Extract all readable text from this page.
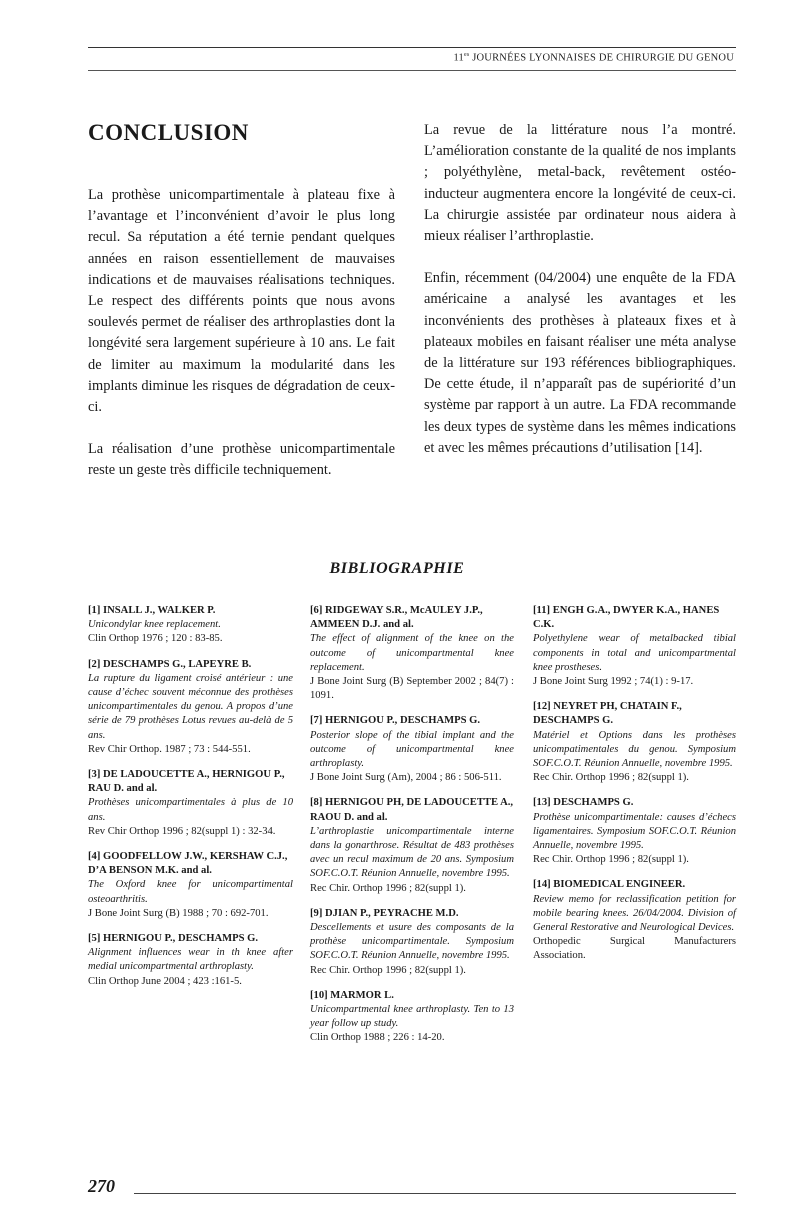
$11^{es}$ JOURNÉES LYONNAISES DE CHIRURGIE DU GENOU
CONCLUSION

La prothèse unicompartimentale à plateau fixe à l’avantage et l’inconvénient d’avoir le plus long recul. Sa réputation a été ternie pendant quelques années en raison essentiellement de mauvaises indications et de mauvaises réalisations techniques. Le respect des différents points que nous avons soulevés permet de réaliser des arthroplasties dont la longévité sera largement supérieure à 10 ans. Le fait de limiter au maximum la modularité dans les implants diminue les risques de dégradation de ceux-ci.

La réalisation d’une prothèse unicompartimentale reste un geste très difficile techniquement.

La revue de la littérature nous l’a montré. L’amélioration constante de la qualité de nos implants ; polyéthylène, metal-back, revêtement ostéo-inducteur augmentera encore la longévité de ceux-ci. La chirurgie assistée par ordinateur nous aidera à mieux réaliser l’arthroplastie.

Enfin, récemment (04/2004) une enquête de la FDA américaine a analysé les avantages et les inconvénients des prothèses à plateaux fixes et à plateaux mobiles en faisant réaliser une méta analyse de la littérature sur 193 références bibliographiques. De cette étude, il n’apparaît pas de supériorité d’un système par rapport à un autre. La FDA recommande les deux types de système dans les mêmes indications et avec les mêmes précautions d’utilisation [14].

BIBLIOGRAPHIE
[1] INSALL J., WALKER P.
Unicondylar knee replacement.
Clin Orthop 1976 ; 120 : 83-85.
[2] DESCHAMPS G., LAPEYRE B.
La rupture du ligament croisé antérieur : une cause d’échec souvent méconnue des prothèses unicompartimentales du genou. A propos d’une série de 79 prothèses Lotus revues au-delà de 5 ans.
Rev Chir Orthop. 1987 ; 73 : 544-551.
[3] DE LADOUCETTE A., HERNIGOU P., RAU D. and al.
Prothèses unicompartimentales à plus de 10 ans.
Rev Chir Orthop 1996 ; 82(suppl 1) : 32-34.
[4] GOODFELLOW J.W., KERSHAW C.J., D’A BENSON M.K. and al.
The Oxford knee for unicompartimental osteoarthritis.
J Bone Joint Surg (B) 1988 ; 70 : 692-701.
[5] HERNIGOU P., DESCHAMPS G.
Alignment influences wear in th knee after medial unicompartmental arthroplasty.
Clin Orthop June 2004 ; 423 :161-5.
[6] RIDGEWAY S.R., McAULEY J.P., AMMEEN D.J. and al.
The effect of alignment of the knee on the outcome of unicompartmental knee replacement.
J Bone Joint Surg (B) September 2002 ; 84(7) : 1091.
[7] HERNIGOU P., DESCHAMPS G.
Posterior slope of the tibial implant and the outcome of unicompartmental knee arthroplasty.
J Bone Joint Surg (Am), 2004 ; 86 : 506-511.
[8] HERNIGOU PH, DE LADOUCETTE A., RAOU D. and al.
L’arthroplastie unicompartimentale interne dans la gonarthrose. Résultat de 483 prothèses avec un recul maximum de 20 ans. Symposium SOF.C.O.T. Réunion Annuelle, novembre 1995.
Rec Chir. Orthop 1996 ; 82(suppl 1).
[9] DJIAN P., PEYRACHE M.D.
Descellements et usure des composants de la prothèse unicompartimentale. Symposium SOF.C.O.T. Réunion Annuelle, novembre 1995.
Rec Chir. Orthop 1996 ; 82(suppl 1).
[10] MARMOR L.
Unicompartmental knee arthroplasty. Ten to 13 year follow up study.
Clin Orthop 1988 ; 226 : 14-20.
[11] ENGH G.A., DWYER K.A., HANES C.K.
Polyethylene wear of metalbacked tibial components in total and unicompartmental knee prostheses.
J Bone Joint Surg 1992 ; 74(1) : 9-17.
[12] NEYRET PH, CHATAIN F., DESCHAMPS G.
Matériel et Options dans les prothèses unicompatimentales du genou. Symposium SOF.C.O.T. Réunion Annuelle, novembre 1995.
Rec Chir. Orthop 1996 ; 82(suppl 1).
[13] DESCHAMPS G.
Prothèse unicompartimentale: causes d’échecs ligamentaires. Symposium SOF.C.O.T. Réunion Annuelle, novembre 1995.
Rec Chir. Orthop 1996 ; 82(suppl 1).
[14] BIOMEDICAL ENGINEER.
Review memo for reclassification petition for mobile bearing knees. 26/04/2004. Division of General Restorative and Neurological Devices.
Orthopedic Surgical Manufacturers Association.
270
